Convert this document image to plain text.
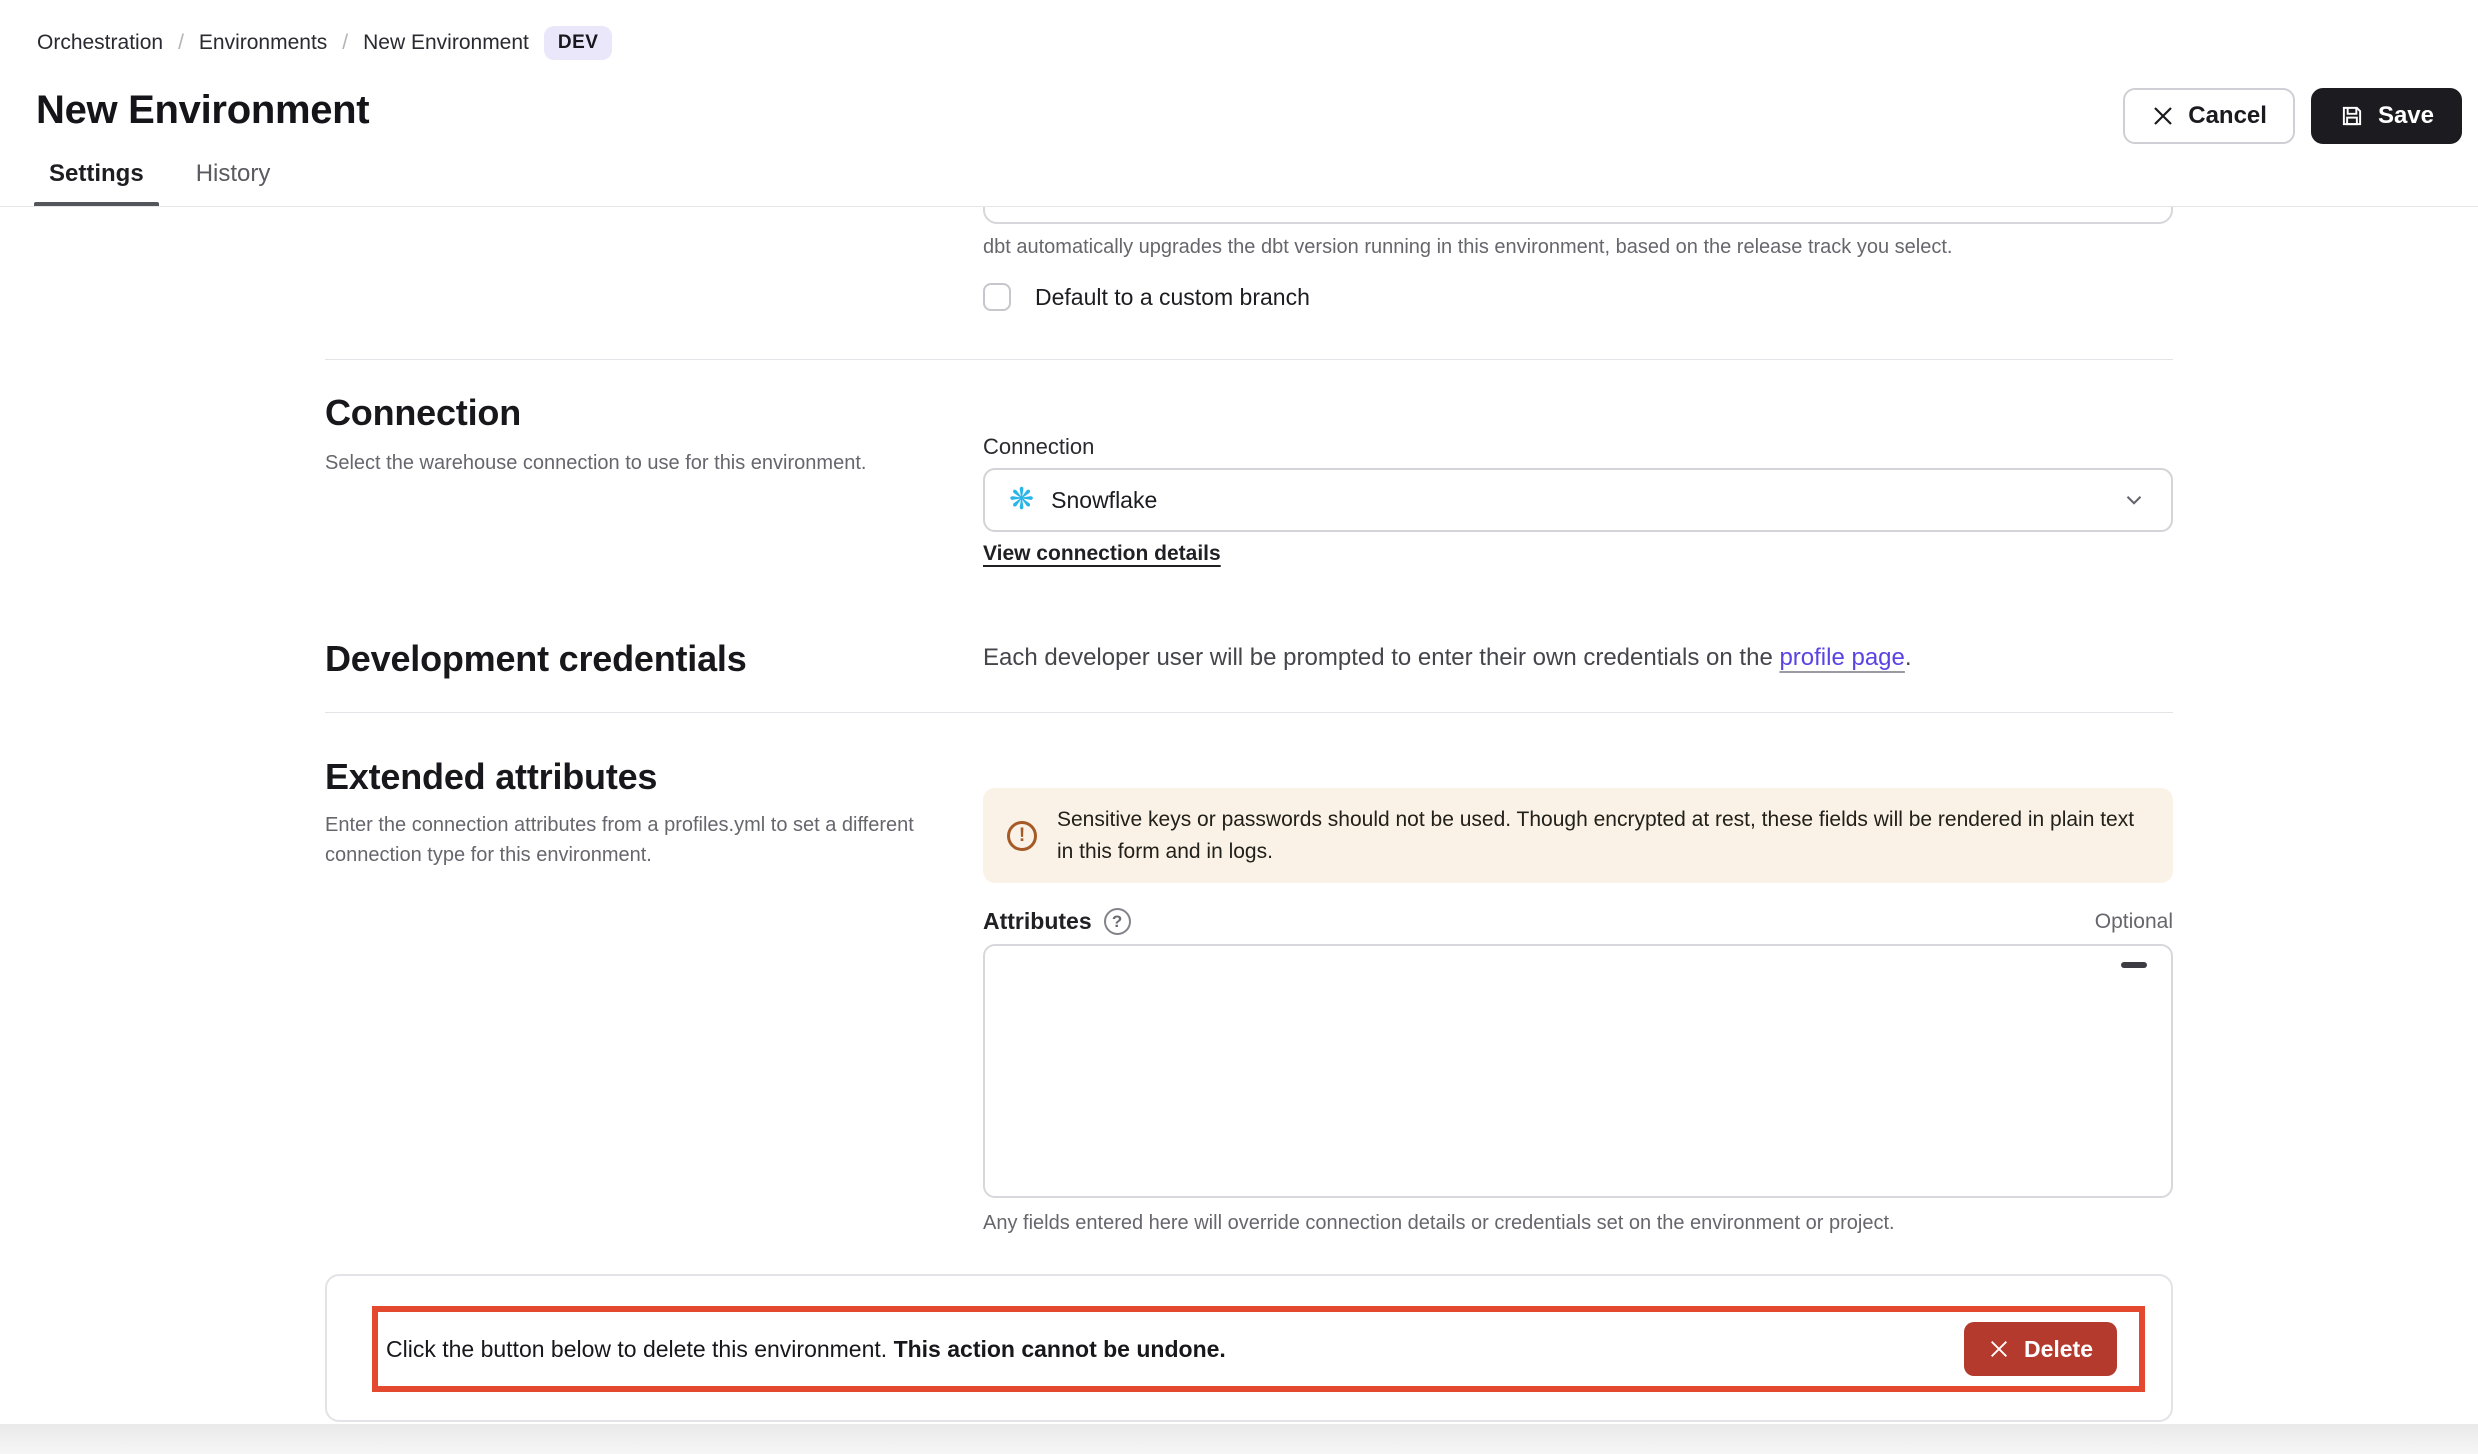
Orchestration / Environments / New Environment	DEV
New Environment	Cancel	Save
Settings	History
dbt automatically upgrades the dbt version running in this environment, based on the release track you select.
Default to a custom branch
Connection
Select the warehouse connection to use for this environment.
Connection
❋ Snowflake
View connection details
Development credentials	Each developer user will be prompted to enter their own credentials on the profile page.
Extended attributes
Enter the connection attributes from a profiles.yml to set a different connection type for this environment.
!
Sensitive keys or passwords should not be used. Though encrypted at rest, these fields will be rendered in plain text in this form and in logs.
Attributes	?	Optional
Any fields entered here will override connection details or credentials set on the environment or project.
Click the button below to delete this environment. This action cannot be undone.	Delete
